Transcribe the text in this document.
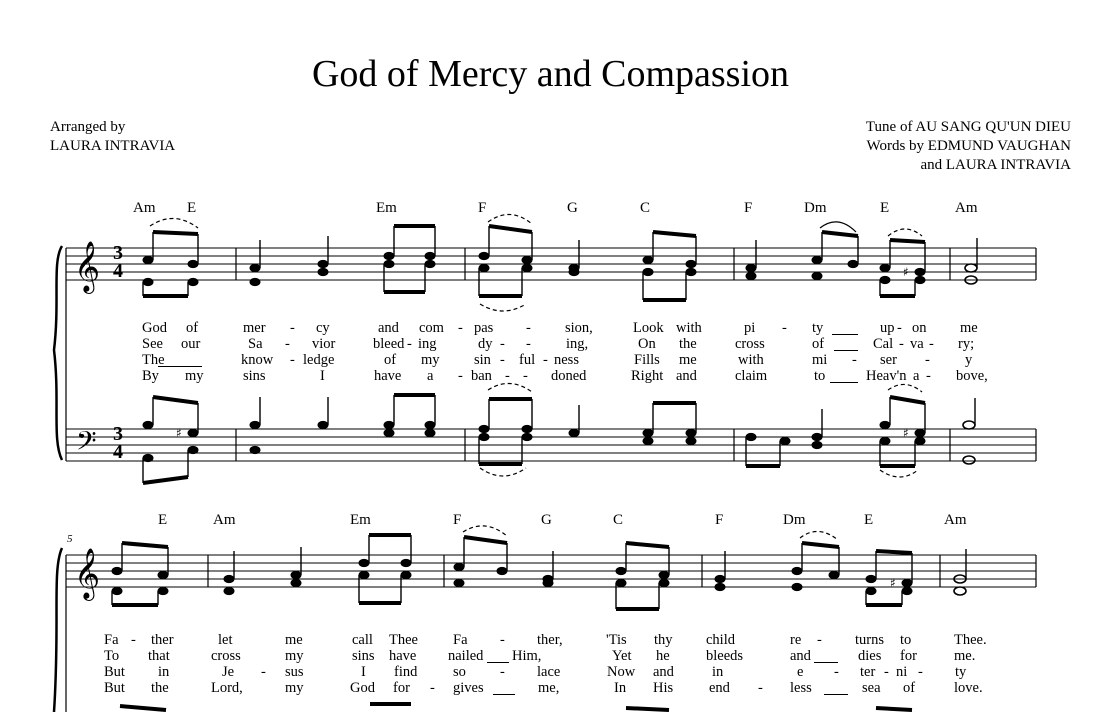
God of Mercy and Compassion
Arranged by
LAURA INTRAVIA
Tune of AU SANG QU'UN DIEU
Words by EDMUND VAUGHAN
and LAURA INTRAVIA
𝄞
𝄢
♯
♯	♯
𝄞	♯
3
4
3
4
Am E	Em	F	G	C	F	Dm	E	Am
God of	mer - cy	and com - pas - sion,	Look with	pi - ty	up - on me
See our	Sa - vior	bleed - ing	dy - - ing,	On the	cross	of	Cal - va - ry;
The	know - ledge	of my sin - ful - ness	Fills me	with	mi - ser - y
By my	sins	I	have a - ban - - doned	Right and	claim	to	Heav'n a - bove,
5
E	Am	Em	F	G	C	F	Dm	E	Am
Fa - ther	let	me	call Thee Fa - ther,	'Tis thy child	re - turns to	Thee.
To that	cross	my	sins have nailed Him,	Yet he	bleeds	and	dies for	me.
But in	Je - sus	I find so - lace	Now and	in	e - ter - ni - ty
But the	Lord,	my	God for - gives	me,	In His end - less	sea of	love.
